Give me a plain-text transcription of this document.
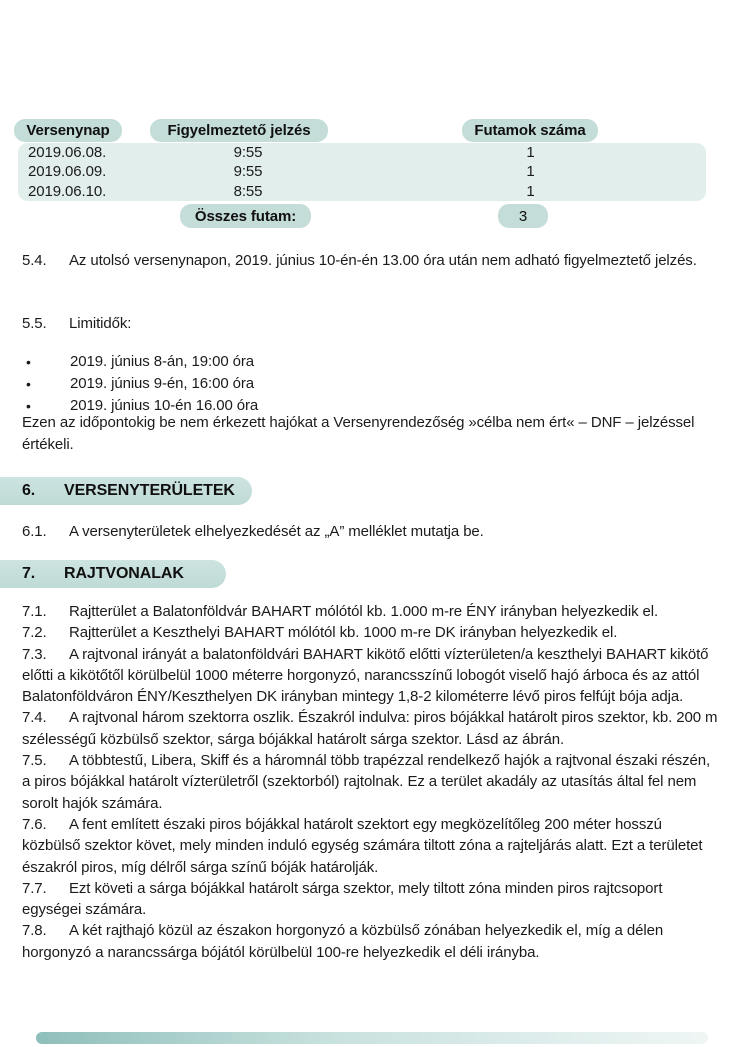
Versenynap	Figyelmeztető jelzés	Futamok száma
2019.06.08.	9:55	1
2019.06.09.	9:55	1
2019.06.10.	8:55	1
Összes futam:	3

5.4. Az utolsó versenynapon, 2019. június 10-én-én 13.00 óra után nem adható figyelmeztető jelzés.

5.5. Limitidők:

• 2019. június 8-án, 19:00 óra
• 2019. június 9-én, 16:00 óra
• 2019. június 10-én 16.00 óra

Ezen az időpontokig be nem érkezett hajókat a Versenyrendezőség »célba nem ért« – DNF – jelzéssel értékeli.

6.	VERSENYTERÜLETEK

6.1. A versenyterületek elhelyezkedését az „A” melléklet mutatja be.

7.	RAJTVONALAK

7.1. Rajtterület a Balatonföldvár BAHART mólótól kb. 1.000 m-re ÉNY irányban helyezkedik el.

7.2. Rajtterület a Keszthelyi BAHART mólótól kb. 1000 m-re DK irányban helyezkedik el.

7.3. A rajtvonal irányát a balatonföldvári BAHART kikötő előtti vízterületen/a keszthelyi BAHART kikötő előtti a kikötőtől körülbelül 1000 méterre horgonyzó, narancsszínű lobogót viselő hajó árboca és az attól Balatonföldváron ÉNY/Keszthelyen DK irányban mintegy 1,8-2 kilométerre lévő piros felfújt bója adja.

7.4. A rajtvonal három szektorra oszlik. Északról indulva: piros bójákkal határolt piros szektor, kb. 200 m szélességű közbülső szektor, sárga bójákkal határolt sárga szektor. Lásd az ábrán.

7.5. A többtestű, Libera, Skiff és a háromnál több trapézzal rendelkező hajók a rajtvonal északi részén, a piros bójákkal határolt vízterületről (szektorból) rajtolnak. Ez a terület akadály az utasítás által fel nem sorolt hajók számára.

7.6. A fent említett északi piros bójákkal határolt szektort egy megközelítőleg 200 méter hosszú közbülső szektor követ, mely minden induló egység számára tiltott zóna a rajteljárás alatt. Ezt a területet északról piros, míg délről sárga színű bóják határolják.

7.7. Ezt követi a sárga bójákkal határolt sárga szektor, mely tiltott zóna minden piros rajtcsoport egységei számára.

7.8. A két rajthajó közül az északon horgonyzó a közbülső zónában helyezkedik el, míg a délen horgonyzó a narancssárga bójától körülbelül 100-re helyezkedik el déli irányba.
